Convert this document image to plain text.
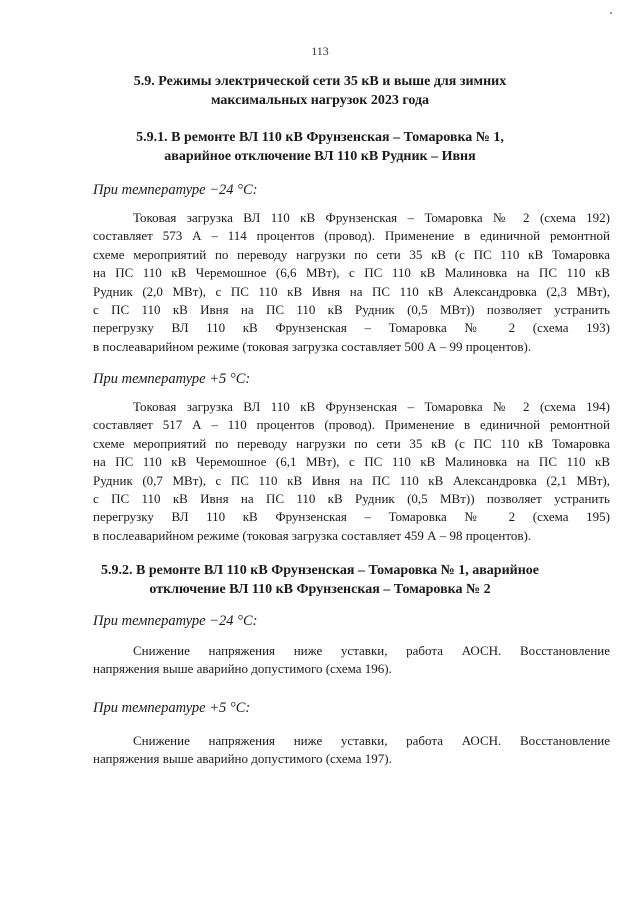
113
5.9. Режимы электрической сети 35 кВ и выше для зимних
максимальных нагрузок 2023 года
5.9.1. В ремонте ВЛ 110 кВ Фрунзенская – Томаровка № 1,
аварийное отключение ВЛ 110 кВ Рудник – Ивня
При температуре −24 °С:
Токовая загрузка ВЛ 110 кВ Фрунзенская – Томаровка № 2 (схема 192)
составляет 573 А – 114 процентов (провод). Применение в единичной ремонтной
схеме мероприятий по переводу нагрузки по сети 35 кВ (с ПС 110 кВ Томаровка
на ПС 110 кВ Черемошное (6,6 МВт), с ПС 110 кВ Малиновка на ПС 110 кВ
Рудник (2,0 МВт), с ПС 110 кВ Ивня на ПС 110 кВ Александровка (2,3 МВт),
с ПС 110 кВ Ивня на ПС 110 кВ Рудник (0,5 МВт)) позволяет устранить
перегрузку ВЛ 110 кВ Фрунзенская – Томаровка № 2 (схема 193)
в послеаварийном режиме (токовая загрузка составляет 500 А – 99 процентов).
При температуре +5 °С:
Токовая загрузка ВЛ 110 кВ Фрунзенская – Томаровка № 2 (схема 194)
составляет 517 А – 110 процентов (провод). Применение в единичной ремонтной
схеме мероприятий по переводу нагрузки по сети 35 кВ (с ПС 110 кВ Томаровка
на ПС 110 кВ Черемошное (6,1 МВт), с ПС 110 кВ Малиновка на ПС 110 кВ
Рудник (0,7 МВт), с ПС 110 кВ Ивня на ПС 110 кВ Александровка (2,1 МВт),
с ПС 110 кВ Ивня на ПС 110 кВ Рудник (0,5 МВт)) позволяет устранить
перегрузку ВЛ 110 кВ Фрунзенская – Томаровка № 2 (схема 195)
в послеаварийном режиме (токовая загрузка составляет 459 А – 98 процентов).
5.9.2. В ремонте ВЛ 110 кВ Фрунзенская – Томаровка № 1, аварийное
отключение ВЛ 110 кВ Фрунзенская – Томаровка № 2
При температуре −24 °С:
Снижение напряжения ниже уставки, работа АОСН. Восстановление
напряжения выше аварийно допустимого (схема 196).
При температуре +5 °С:
Снижение напряжения ниже уставки, работа АОСН. Восстановление
напряжения выше аварийно допустимого (схема 197).
